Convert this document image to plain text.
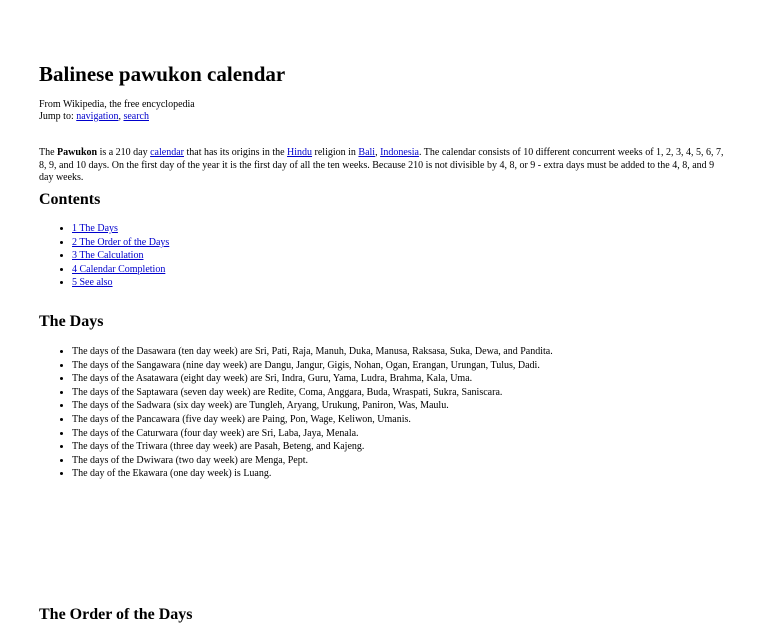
Balinese pawukon calendar
From Wikipedia, the free encyclopedia
Jump to: navigation, search

The Pawukon is a 210 day calendar that has its origins in the Hindu religion in Bali, Indonesia. The calendar consists of 10 different concurrent weeks of 1, 2, 3, 4, 5, 6, 7, 8, 9, and 10 days. On the first day of the year it is the first day of all the ten weeks. Because 210 is not divisible by 4, 8, or 9 - extra days must be added to the 4, 8, and 9 day weeks.

Contents
• 1 The Days
• 2 The Order of the Days
• 3 The Calculation
• 4 Calendar Completion
• 5 See also
The Days
• The days of the Dasawara (ten day week) are Sri, Pati, Raja, Manuh, Duka, Manusa, Raksasa, Suka, Dewa, and Pandita.
• The days of the Sangawara (nine day week) are Dangu, Jangur, Gigis, Nohan, Ogan, Erangan, Urungan, Tulus, Dadi.
• The days of the Asatawara (eight day week) are Sri, Indra, Guru, Yama, Ludra, Brahma, Kala, Uma.
• The days of the Saptawara (seven day week) are Redite, Coma, Anggara, Buda, Wraspati, Sukra, Saniscara.
• The days of the Sadwara (six day week) are Tungleh, Aryang, Urukung, Paniron, Was, Maulu.
• The days of the Pancawara (five day week) are Paing, Pon, Wage, Keliwon, Umanis.
• The days of the Caturwara (four day week) are Sri, Laba, Jaya, Menala.
• The days of the Triwara (three day week) are Pasah, Beteng, and Kajeng.
• The days of the Dwiwara (two day week) are Menga, Pept.
• The day of the Ekawara (one day week) is Luang.
The Order of the Days
